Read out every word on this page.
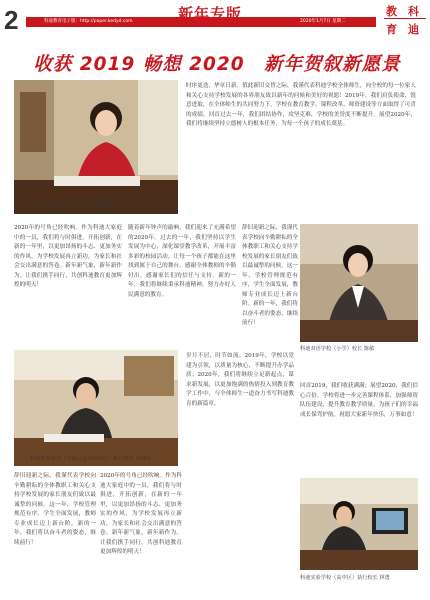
2	新年专版
科迪教育电子版：http://paper.kedyd.com	2020年1月7日 星期二
教 科
育 迪
收获 2019 畅想 2020　新年贺叙新愿景
郑州市科迪学校（校长）刘 晓丽
时序更迭，华章日新。值此新旧交替之际，我谨代表科迪学校全体师生，向全校的每一位家人和关心支持学校发展的各界朋友致以新年的问候和美好的祝愿！2019年，我们肩负使命、锐意进取，在全体师生的共同努力下，学校在教育教学、课程改革、师资建设等方面取得了可喜的成绩。回首过去一年，我们团结协作，攻坚克难，学校的美誉度不断提升。展望2020年，我们将继续坚持立德树人的根本任务，为每一个孩子的成长奠基。
2020年的号角已经吹响。作为科迪大家庭中的一员，我们将与时俱进，开拓创新，在新的一年里，以更加昂扬的斗志、更加务实的作风，为学校发展再立新功，为家长和社会交出满意的答卷。新年新气象，新年新作为。让我们携手同行，共创科迪教育更加辉煌的明天！
随着新年钟声的敲响，我们迎来了充满希望的2020年。过去的一年，我们坚持以学生发展为中心，深化课堂教学改革，开展丰富多彩的校园活动，让每一个孩子都能在这里找到属于自己的舞台。感谢全体教师的辛勤付出，感谢家长们的信任与支持。新的一年，我们将继续秉承科迪精神，努力办好人民满意的教育。
辞旧迎新之际，我谨代表学校向辛勤耕耘的全体教职工和关心支持学校发展的家长朋友们致以最诚挚的问候。这一年，学校管理规范有序，学生全面发展，教师专业成长迈上新台阶。新的一年，我们将以奋斗者的姿态，继续前行！
科迪双语学校（小学）校长 陈敏
科迪实验小学（中原区金水路校区）执行校长 刘春风
岁月不居，时节如流。2019年，学校以党建为引领，以质量为核心，不断提升办学品质；2020年，我们将继续立足新起点，谋求新发展，以更加饱满的热情投入到教育教学工作中，与全体师生一道奋力书写科迪教育的新篇章。
回首2019，我们收获满满；展望2020，我们信心百倍。学校将进一步完善课程体系，加强师资队伍建设，提升教育教学质量，为孩子们的幸福成长保驾护航。祝愿大家新年快乐，万事如意！
辞旧迎新之际，我谨代表学校向辛勤耕耘的全体教职工和关心支持学校发展的家长朋友们致以最诚挚的问候。这一年，学校管理规范有序，学生全面发展，教师专业成长迈上新台阶。新的一年，我们将以奋斗者的姿态，继续前行！
2020年的号角已经吹响。作为科迪大家庭中的一员，我们将与时俱进，开拓创新，在新的一年里，以更加昂扬的斗志、更加务实的作风，为学校发展再立新功，为家长和社会交出满意的答卷。新年新气象，新年新作为。让我们携手同行，共创科迪教育更加辉煌的明天！
科迪实验学校（高中区）执行校长 林勇
